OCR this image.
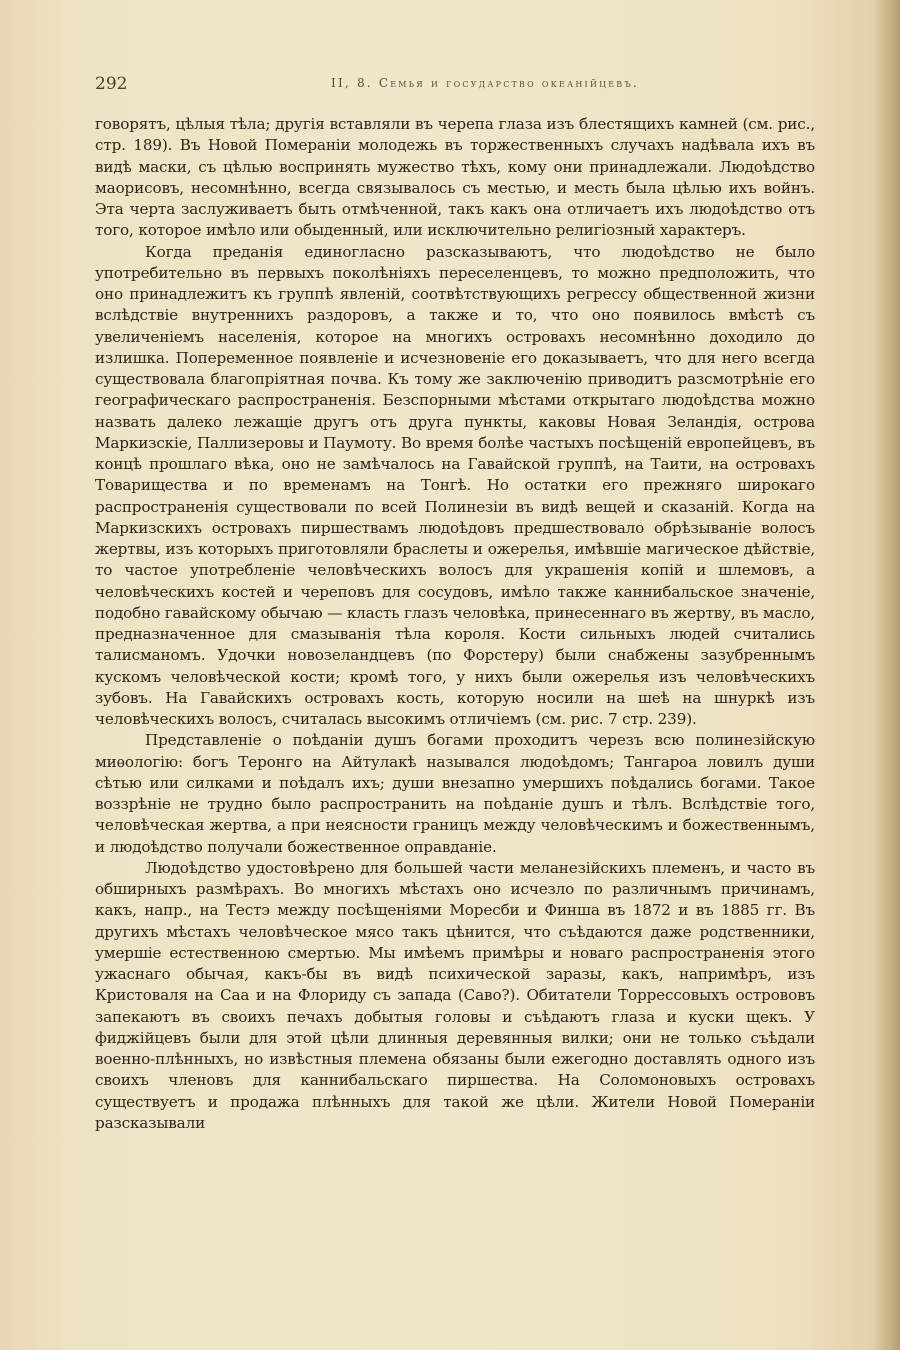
292	II, 8. Семья и государство океанійцевъ.

говорятъ, цѣлыя тѣла; другія вставляли въ черепа глаза изъ блестящихъ камней (см. рис., стр. 189). Въ Новой Помераніи молодежь въ торжественныхъ случахъ надѣвала ихъ въ видѣ маски, съ цѣлью воспринять мужество тѣхъ, кому они принадлежали. Людоѣдство маорисовъ, несомнѣнно, всегда связывалось съ местью, и месть была цѣлью ихъ войнъ. Эта черта заслуживаетъ быть отмѣченной, такъ какъ она отличаетъ ихъ людоѣдство отъ того, которое имѣло или обыденный, или исключительно религіозный характеръ.

Когда преданія единогласно разсказываютъ, что людоѣдство не было употребительно въ первыхъ поколѣніяхъ переселенцевъ, то можно предположить, что оно принадлежитъ къ группѣ явленій, соотвѣтствующихъ регрессу общественной жизни вслѣдствіе внутреннихъ раздоровъ, а также и то, что оно появилось вмѣстѣ съ увеличеніемъ населенія, которое на многихъ островахъ несомнѣнно доходило до излишка. Попеременное появленіе и исчезновеніе его доказываетъ, что для него всегда существовала благопріятная почва. Къ тому же заключенію приводитъ разсмотрѣніе его географическаго распространенія. Безспорными мѣстами открытаго людоѣдства можно назвать далеко лежащіе другъ отъ друга пункты, каковы Новая Зеландія, острова Маркизскіе, Паллизеровы и Паумоту. Во время болѣе частыхъ посѣщеній европейцевъ, въ концѣ прошлаго вѣка, оно не замѣчалось на Гавайской группѣ, на Таити, на островахъ Товарищества и по временамъ на Тонгѣ. Но остатки его прежняго широкаго распространенія существовали по всей Полинезіи въ видѣ вещей и сказаній. Когда на Маркизскихъ островахъ пиршествамъ людоѣдовъ предшествовало обрѣзываніе волосъ жертвы, изъ которыхъ приготовляли браслеты и ожерелья, имѣвшіе магическое дѣйствіе, то частое употребленіе человѣческихъ волосъ для украшенія копій и шлемовъ, а человѣческихъ костей и череповъ для сосудовъ, имѣло также каннибальское значеніе, подобно гавайскому обычаю — класть глазъ человѣка, принесеннаго въ жертву, въ масло, предназначенное для смазыванія тѣла короля. Кости сильныхъ людей считались талисманомъ. Удочки новозеландцевъ (по Форстеру) были снабжены зазубреннымъ кускомъ человѣческой кости; кромѣ того, у нихъ были ожерелья изъ человѣческихъ зубовъ. На Гавайскихъ островахъ кость, которую носили на шеѣ на шнуркѣ изъ человѣческихъ волосъ, считалась высокимъ отличіемъ (см. рис. 7 стр. 239).

Представленіе о поѣданіи душъ богами проходитъ черезъ всю полинезійскую миѳологію: богъ Теронго на Айтулакѣ назывался людоѣдомъ; Тангароа ловилъ души сѣтью или силками и поѣдалъ ихъ; души внезапно умершихъ поѣдались богами. Такое воззрѣніе не трудно было распространить на поѣданіе душъ и тѣлъ. Вслѣдствіе того, человѣческая жертва, а при неясности границъ между человѣческимъ и божественнымъ, и людоѣдство получали божественное оправданіе.

Людоѣдство удостовѣрено для большей части меланезійскихъ племенъ, и часто въ обширныхъ размѣрахъ. Во многихъ мѣстахъ оно исчезло по различнымъ причинамъ, какъ, напр., на Тестэ между посѣщеніями Моресби и Финша въ 1872 и въ 1885 гг. Въ другихъ мѣстахъ человѣческое мясо такъ цѣнится, что съѣдаются даже родственники, умершіе естественною смертью. Мы имѣемъ примѣры и новаго распространенія этого ужаснаго обычая, какъ-бы въ видѣ психической заразы, какъ, напримѣръ, изъ Кристоваля на Саа и на Флориду съ запада (Саво?). Обитатели Торрессовыхъ острововъ запекаютъ въ своихъ печахъ добытыя головы и съѣдаютъ глаза и куски щекъ. У фиджійцевъ были для этой цѣли длинныя деревянныя вилки; они не только съѣдали военно-плѣнныхъ, но извѣстныя племена обязаны были ежегодно доставлять одного изъ своихъ членовъ для каннибальскаго пиршества. На Соломоновыхъ островахъ существуетъ и продажа плѣнныхъ для такой же цѣли. Жители Новой Помераніи разсказывали
